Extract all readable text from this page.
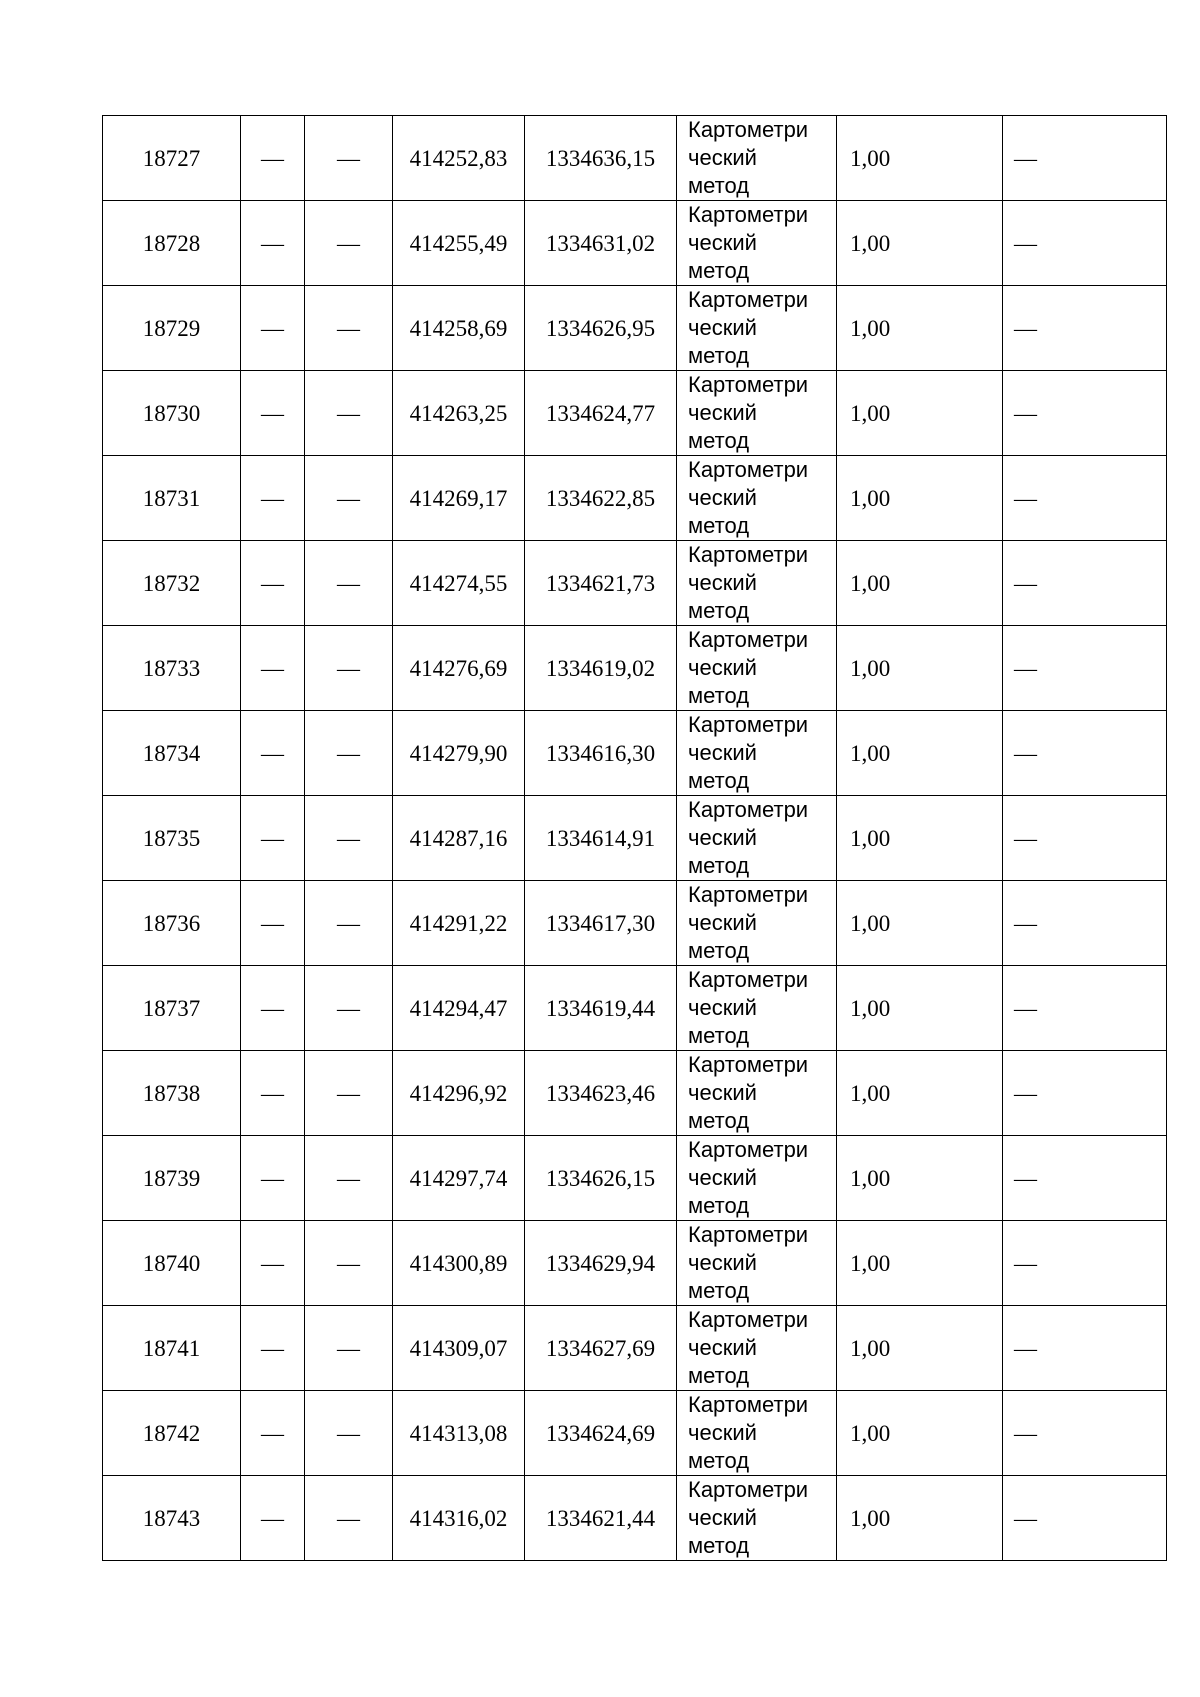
18727	—	—	414252,83	1334636,15	Картометри
ческий
метод	1,00	—
18728	—	—	414255,49	1334631,02	Картометри
ческий
метод	1,00	—
18729	—	—	414258,69	1334626,95	Картометри
ческий
метод	1,00	—
18730	—	—	414263,25	1334624,77	Картометри
ческий
метод	1,00	—
18731	—	—	414269,17	1334622,85	Картометри
ческий
метод	1,00	—
18732	—	—	414274,55	1334621,73	Картометри
ческий
метод	1,00	—
18733	—	—	414276,69	1334619,02	Картометри
ческий
метод	1,00	—
18734	—	—	414279,90	1334616,30	Картометри
ческий
метод	1,00	—
18735	—	—	414287,16	1334614,91	Картометри
ческий
метод	1,00	—
18736	—	—	414291,22	1334617,30	Картометри
ческий
метод	1,00	—
18737	—	—	414294,47	1334619,44	Картометри
ческий
метод	1,00	—
18738	—	—	414296,92	1334623,46	Картометри
ческий
метод	1,00	—
18739	—	—	414297,74	1334626,15	Картометри
ческий
метод	1,00	—
18740	—	—	414300,89	1334629,94	Картометри
ческий
метод	1,00	—
18741	—	—	414309,07	1334627,69	Картометри
ческий
метод	1,00	—
18742	—	—	414313,08	1334624,69	Картометри
ческий
метод	1,00	—
18743	—	—	414316,02	1334621,44	Картометри
ческий
метод	1,00	—
